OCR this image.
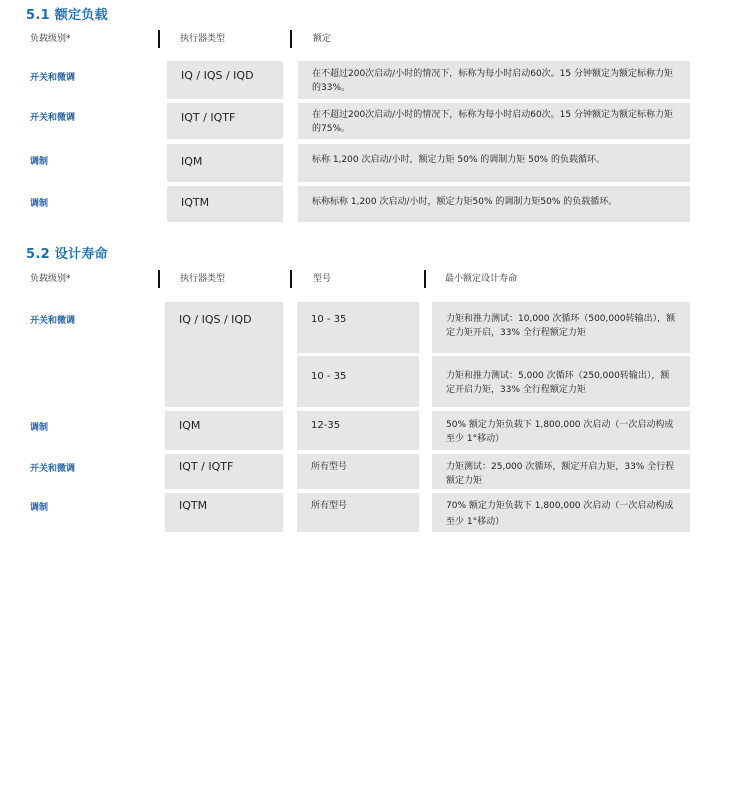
5.1 额定负载
负载级别*	执行器类型	额定
开关和微调	IQ / IQS / IQD	在不超过200次启动/小时的情况下，标称为每小时启动60次。15 分钟额定为额定标称力矩的33%。
开关和微调	IQT / IQTF	在不超过200次启动/小时的情况下，标称为每小时启动60次。15 分钟额定为额定标称力矩的75%。
调制	IQM	标称 1,200 次启动/小时，额定力矩 50% 的调制力矩 50% 的负载循环。
调制	IQTM	标称标称 1,200 次启动/小时，额定力矩50% 的调制力矩50% 的负载循环。
5.2 设计寿命
负载级别*	执行器类型	型号	最小额定设计寿命
开关和微调	IQ / IQS / IQD	10 - 35	力矩和推力测试：10,000 次循环（500,000转输出），额定力矩开启，33% 全行程额定力矩
10 - 35	力矩和推力测试：5,000 次循环（250,000转输出），额定开启力矩，33% 全行程额定力矩
调制	IQM	12-35	50% 额定力矩负载下 1,800,000 次启动（一次启动构成至少 1°移动）
开关和微调	IQT / IQTF	所有型号	力矩测试：25,000 次循环，额定开启力矩，33% 全行程额定力矩
调制	IQTM	所有型号	70% 额定力矩负载下 1,800,000 次启动（一次启动构成至少 1°移动）
